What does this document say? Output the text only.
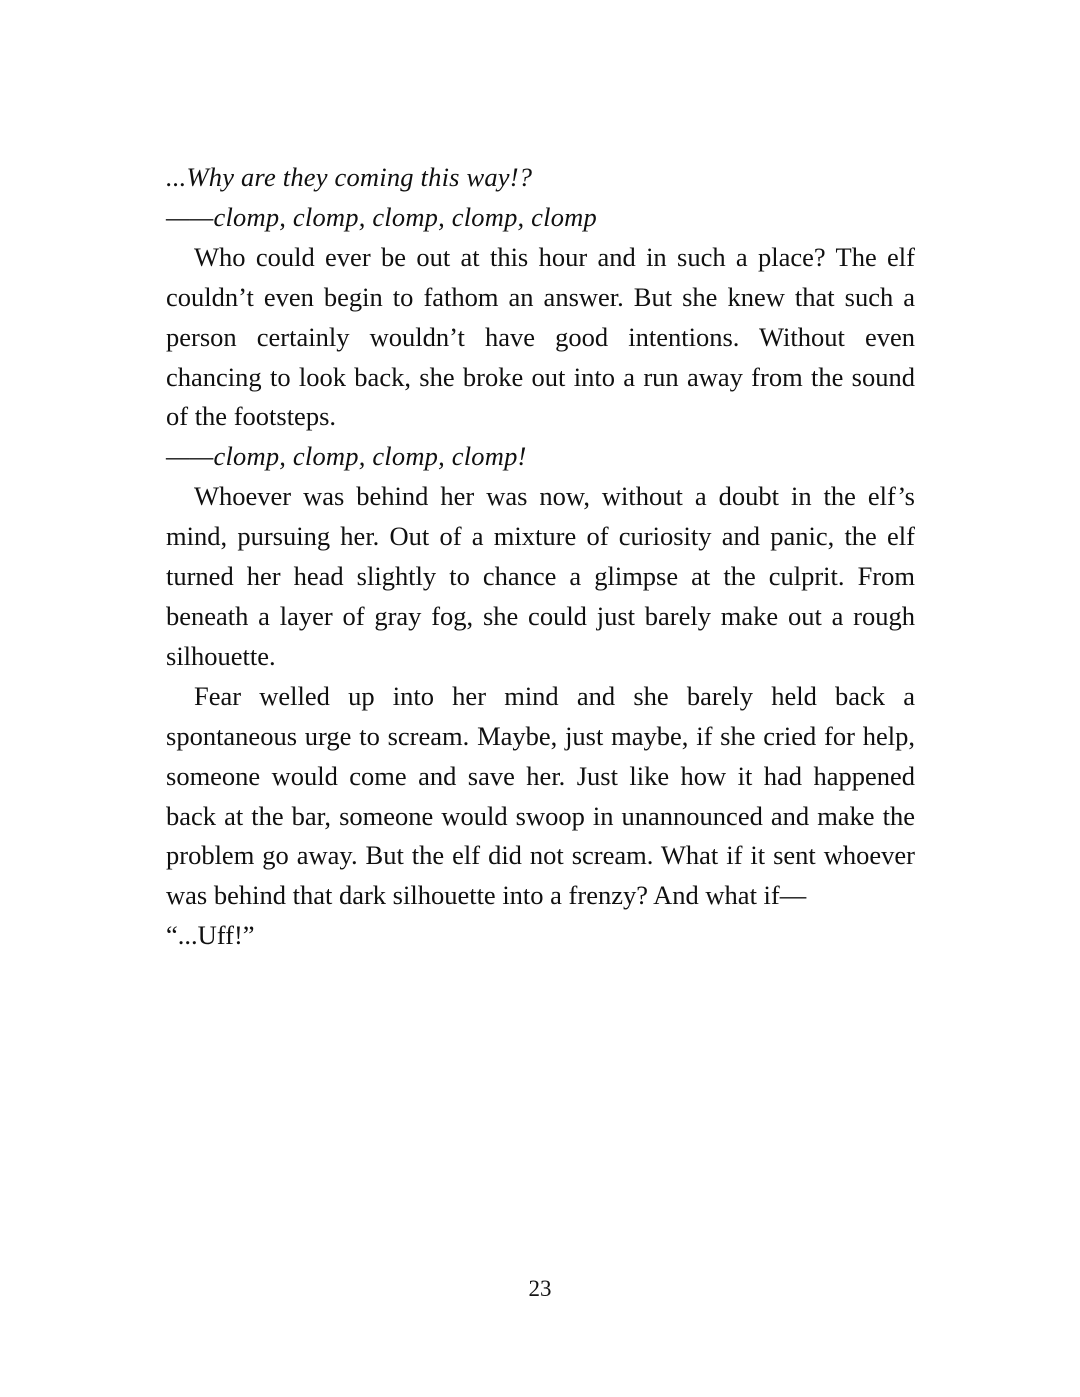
...Why are they coming this way!?

——clomp, clomp, clomp, clomp, clomp

Who could ever be out at this hour and in such a place? The elf couldn’t even begin to fathom an answer. But she knew that such a person certainly wouldn’t have good intentions. Without even chancing to look back, she broke out into a run away from the sound of the footsteps.

——clomp, clomp, clomp, clomp!

Whoever was behind her was now, without a doubt in the elf’s mind, pursuing her. Out of a mixture of curiosity and panic, the elf turned her head slightly to chance a glimpse at the culprit. From beneath a layer of gray fog, she could just barely make out a rough silhouette.

Fear welled up into her mind and she barely held back a spontaneous urge to scream. Maybe, just maybe, if she cried for help, someone would come and save her. Just like how it had happened back at the bar, someone would swoop in unannounced and make the problem go away. But the elf did not scream. What if it sent whoever was behind that dark silhouette into a frenzy? And what if—

“...Uff!”

23
